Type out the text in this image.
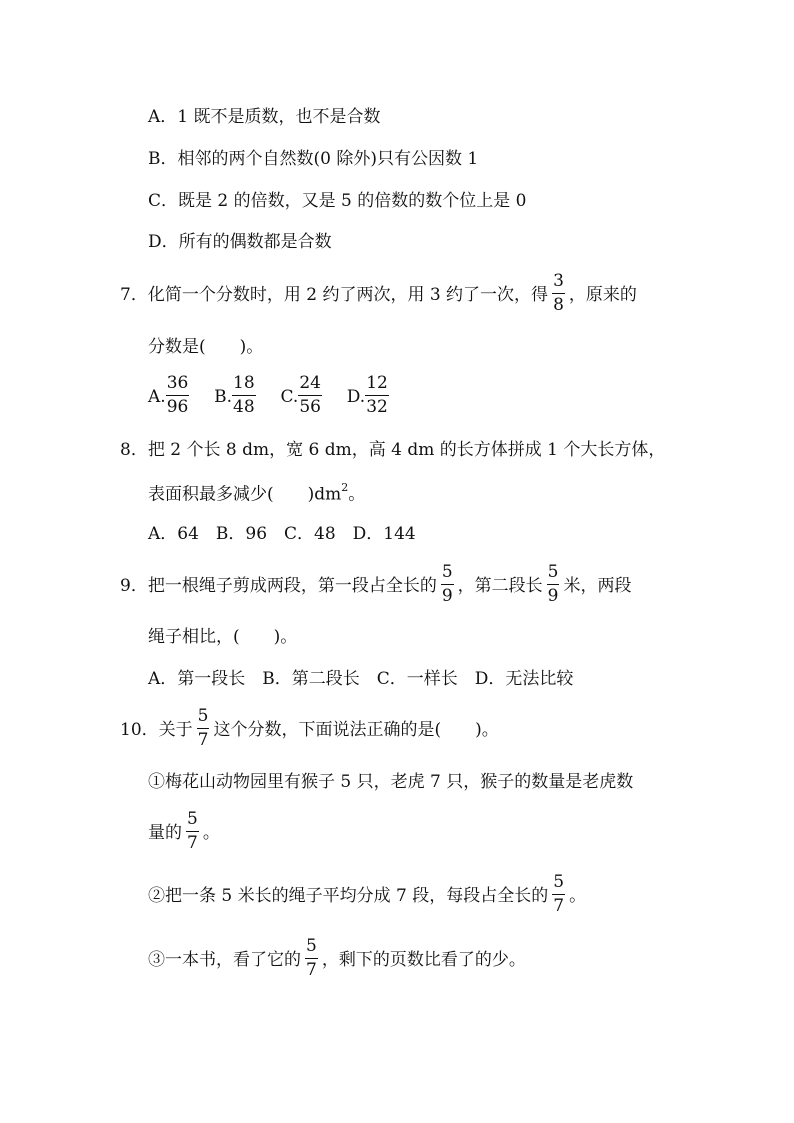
A．1 既不是质数，也不是合数
B．相邻的两个自然数(0 除外)只有公因数 1
C．既是 2 的倍数，又是 5 的倍数的数个位上是 0
D．所有的偶数都是合数
7．化简一个分数时，用 2 约了两次，用 3 约了一次，得 $\frac{3}{8}$ ，原来的
分数是(　　)。
A. $\frac{36}{96} B$. $\frac{18}{48} C$. $\frac{24}{56} D$. $\frac{12}{32}$
8．把 2 个长 8 dm，宽 6 dm，高 4 dm 的长方体拼成 1 个大长方体，
表面积最多减少(　　)$dm^2$。
A．64　B．96　C．48　D．144
9．把一根绳子剪成两段，第一段占全长的 $\frac{5}{9}$ ，第二段长 $\frac{5}{9}$ 米，两段
绳子相比，(　　)。
A．第一段长　B．第二段长　C．一样长　D．无法比较
10．关于 $\frac{5}{7}$ 这个分数，下面说法正确的是(　　)。
①梅花山动物园里有猴子 5 只，老虎 7 只，猴子的数量是老虎数
量的 $\frac{5}{7}$ 。
②把一条 5 米长的绳子平均分成 7 段，每段占全长的 $\frac{5}{7}$ 。
③一本书，看了它的 $\frac{5}{7}$ ，剩下的页数比看了的少。
